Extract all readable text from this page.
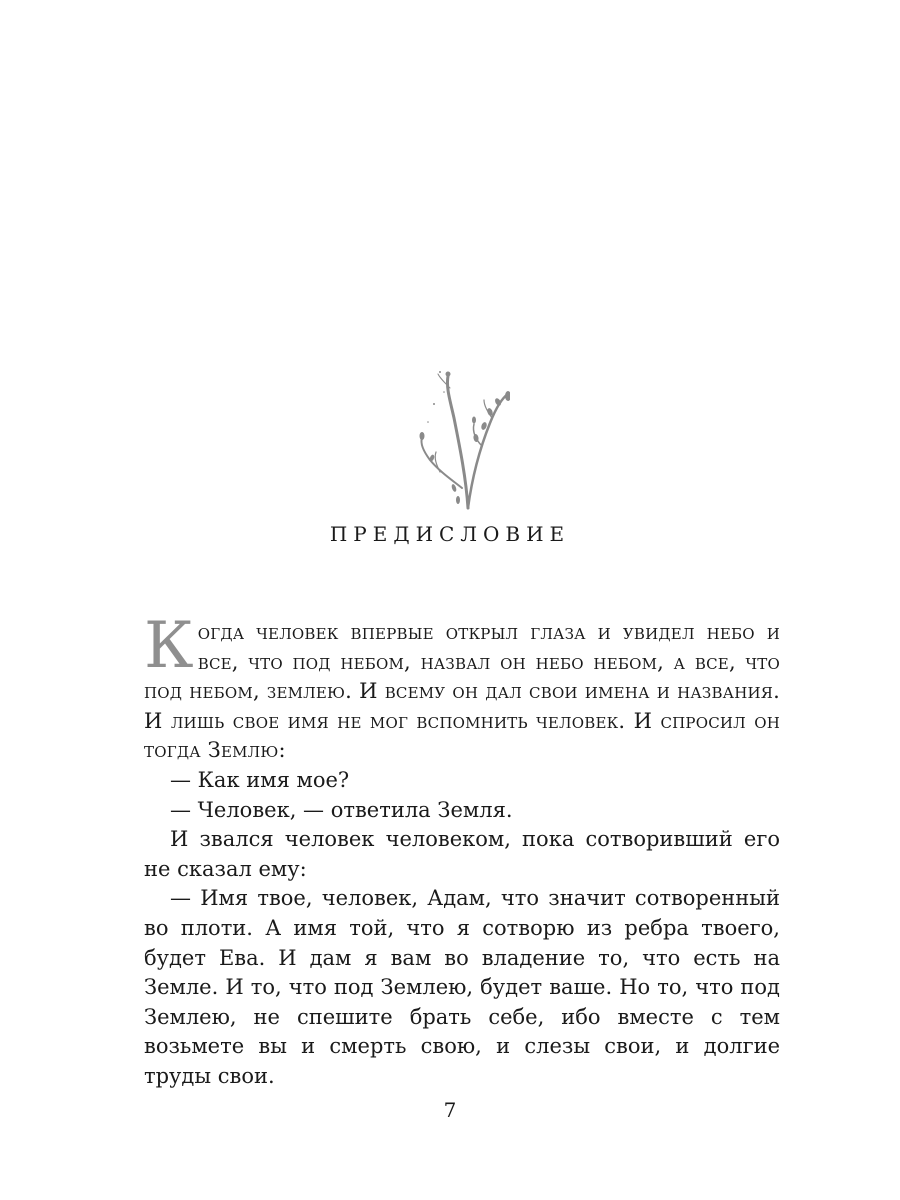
ПРЕДИСЛОВИЕ

Когда человек впервые открыл глаза и увидел небо и все, что под небом, назвал он небо небом, а все, что под небом, землею. И всему он дал свои имена и названия. И лишь свое имя не мог вспомнить человек. И спросил он тогда Землю:

— Как имя мое?

— Человек, — ответила Земля.

И звался человек человеком, пока сотворивший его не сказал ему:

— Имя твое, человек, Адам, что значит сотворенный во плоти. А имя той, что я сотворю из ребра твоего, будет Ева. И дам я вам во владение то, что есть на Земле. И то, что под Землею, будет ваше. Но то, что под Землею, не спешите брать себе, ибо вместе с тем возьмете вы и смерть свою, и слезы свои, и долгие труды свои.

7
